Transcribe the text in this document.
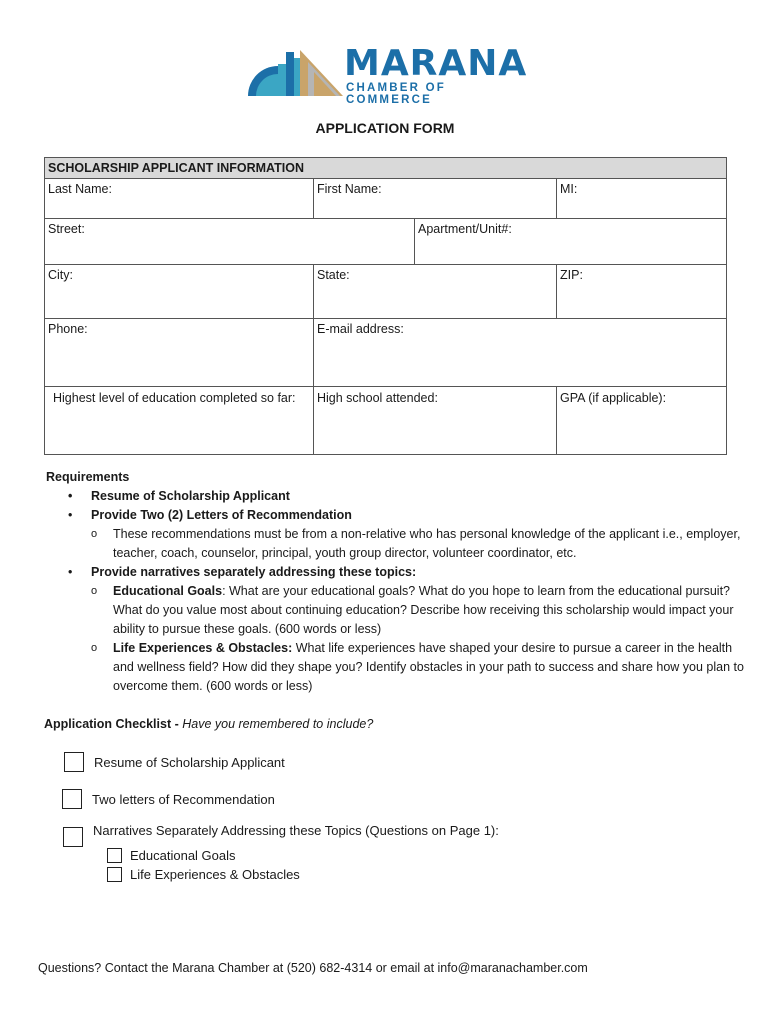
MARANA
CHAMBER OF COMMERCE
APPLICATION FORM
SCHOLARSHIP APPLICANT INFORMATION			

Last Name:	First Name:		MI:

Street:		Apartment/Unit#:	

City:	State:		ZIP:

Phone:	E-mail address:		

Highest level of education completed so far:	High school attended:		GPA (if applicable):
Requirements
• Resume of Scholarship Applicant
• Provide Two (2) Letters of Recommendation
o These recommendations must be from a non-relative who has personal knowledge of the applicant i.e., employer, teacher, coach, counselor, principal, youth group director, volunteer coordinator, etc.
• Provide narratives separately addressing these topics:
o Educational Goals: What are your educational goals? What do you hope to learn from the educational pursuit? What do you value most about continuing education? Describe how receiving this scholarship would impact your ability to pursue these goals. (600 words or less)
o Life Experiences & Obstacles: What life experiences have shaped your desire to pursue a career in the health and wellness field? How did they shape you? Identify obstacles in your path to success and share how you plan to overcome them. (600 words or less)
Application Checklist - Have you remembered to include?
Resume of Scholarship Applicant
Two letters of Recommendation
Narratives Separately Addressing these Topics (Questions on Page 1):
Educational Goals
Life Experiences & Obstacles
Questions? Contact the Marana Chamber at (520) 682-4314 or email at info@maranachamber.com
